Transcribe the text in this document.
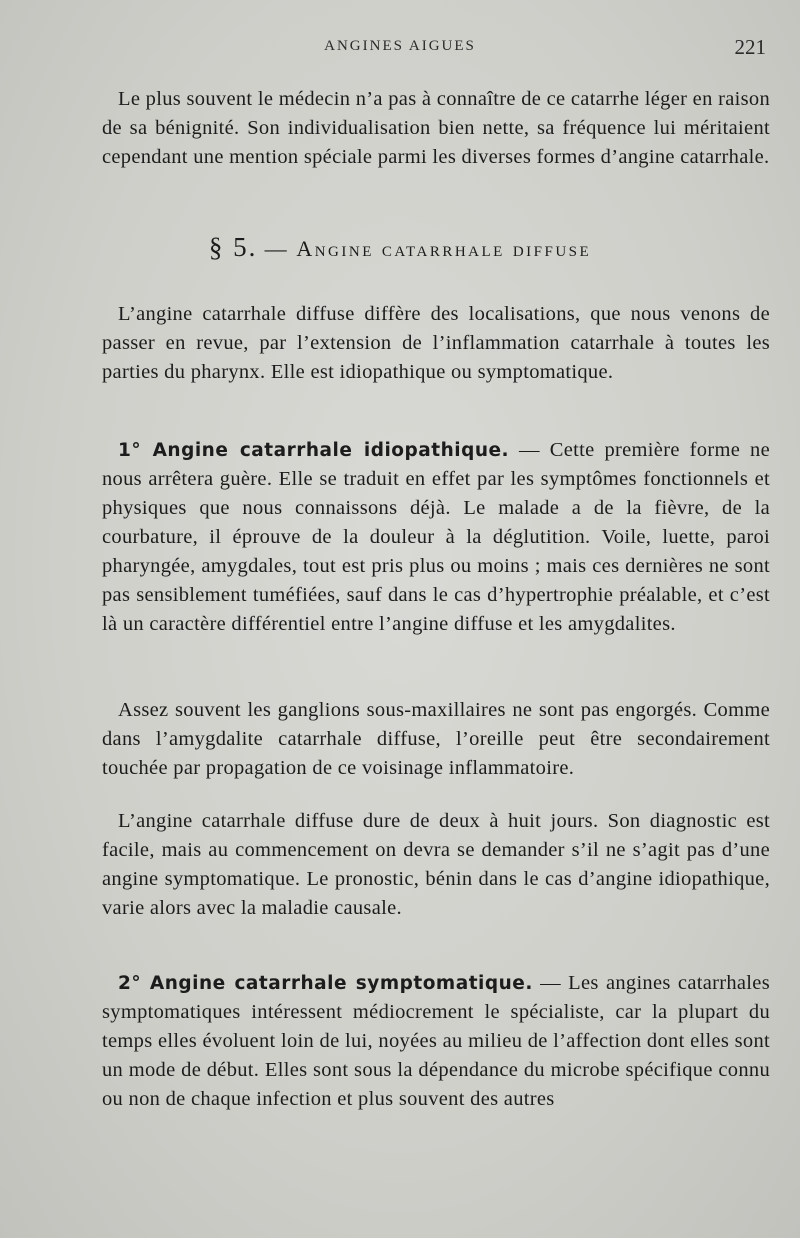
ANGINES AIGUES	221

Le plus souvent le médecin n’a pas à connaître de ce catarrhe léger en raison de sa bénignité. Son individualisation bien nette, sa fréquence lui méritaient cependant une mention spéciale parmi les diverses formes d’angine catarrhale.

§ 5. — Angine catarrhale diffuse

L’angine catarrhale diffuse diffère des localisations, que nous venons de passer en revue, par l’extension de l’inflammation catarrhale à toutes les parties du pharynx. Elle est idiopathique ou symptomatique.

1° Angine catarrhale idiopathique. — Cette première forme ne nous arrêtera guère. Elle se traduit en effet par les symptômes fonctionnels et physiques que nous connaissons déjà. Le malade a de la fièvre, de la courbature, il éprouve de la douleur à la déglutition. Voile, luette, paroi pharyngée, amygdales, tout est pris plus ou moins ; mais ces dernières ne sont pas sensiblement tuméfiées, sauf dans le cas d’hypertrophie préalable, et c’est là un caractère différentiel entre l’angine diffuse et les amygdalites.

Assez souvent les ganglions sous-maxillaires ne sont pas engorgés. Comme dans l’amygdalite catarrhale diffuse, l’oreille peut être secondairement touchée par propagation de ce voisinage inflammatoire.

L’angine catarrhale diffuse dure de deux à huit jours. Son diagnostic est facile, mais au commencement on devra se demander s’il ne s’agit pas d’une angine symptomatique. Le pronostic, bénin dans le cas d’angine idiopathique, varie alors avec la maladie causale.

2° Angine catarrhale symptomatique. — Les angines catarrhales symptomatiques intéressent médiocrement le spécialiste, car la plupart du temps elles évoluent loin de lui, noyées au milieu de l’affection dont elles sont un mode de début. Elles sont sous la dépendance du microbe spécifique connu ou non de chaque infection et plus souvent des autres
